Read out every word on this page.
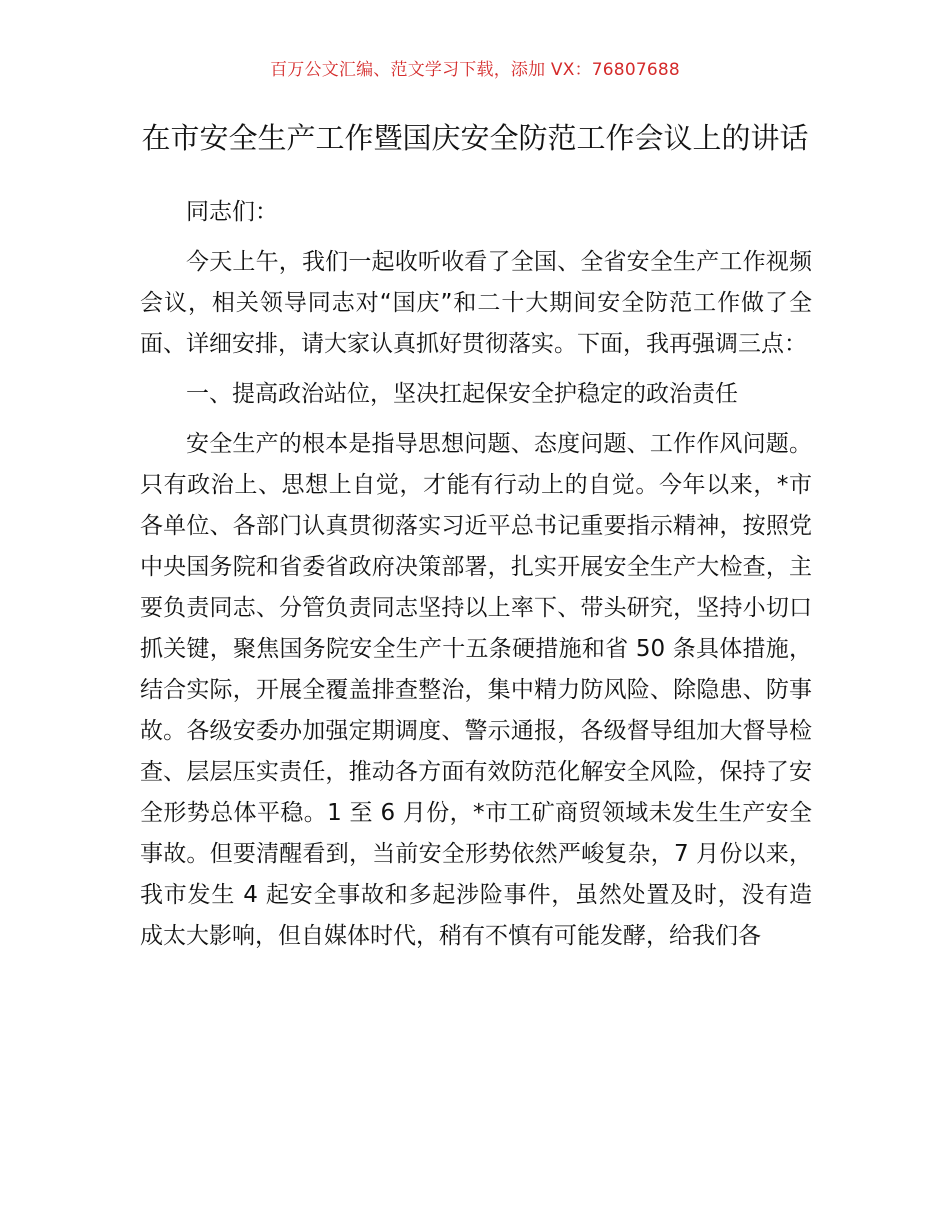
百万公文汇编、范文学习下载，添加 VX：76807688
在市安全生产工作暨国庆安全防范工作会议上的讲话

同志们：

今天上午，我们一起收听收看了全国、全省安全生产工作视频会议，相关领导同志对“国庆”和二十大期间安全防范工作做了全面、详细安排，请大家认真抓好贯彻落实。下面，我再强调三点：

一、提高政治站位，坚决扛起保安全护稳定的政治责任

安全生产的根本是指导思想问题、态度问题、工作作风问题。只有政治上、思想上自觉，才能有行动上的自觉。今年以来，*市各单位、各部门认真贯彻落实习近平总书记重要指示精神，按照党中央国务院和省委省政府决策部署，扎实开展安全生产大检查，主要负责同志、分管负责同志坚持以上率下、带头研究，坚持小切口抓关键，聚焦国务院安全生产十五条硬措施和省 50 条具体措施，结合实际，开展全覆盖排查整治，集中精力防风险、除隐患、防事故。各级安委办加强定期调度、警示通报，各级督导组加大督导检查、层层压实责任，推动各方面有效防范化解安全风险，保持了安全形势总体平稳。1 至 6 月份，*市工矿商贸领域未发生生产安全事故。但要清醒看到，当前安全形势依然严峻复杂，7 月份以来，我市发生 4 起安全事故和多起涉险事件，虽然处置及时，没有造成太大影响，但自媒体时代，稍有不慎有可能发酵，给我们各
